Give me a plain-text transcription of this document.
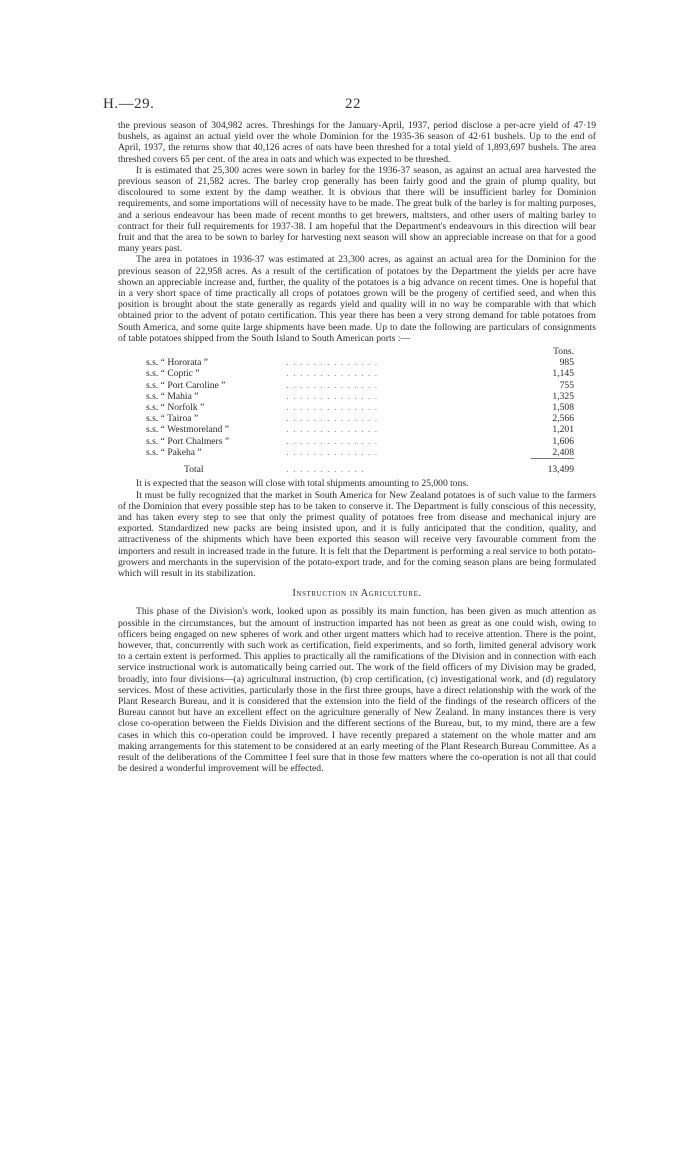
H.—29.	22

the previous season of 304,982 acres. Threshings for the January-April, 1937, period disclose a per-acre yield of 47·19 bushels, as against an actual yield over the whole Dominion for the 1935-36 season of 42·61 bushels. Up to the end of April, 1937, the returns show that 40,126 acres of oats have been threshed for a total yield of 1,893,697 bushels. The area threshed covers 65 per cent. of the area in oats and which was expected to be threshed.

It is estimated that 25,300 acres were sown in barley for the 1936-37 season, as against an actual area harvested the previous season of 21,582 acres. The barley crop generally has been fairly good and the grain of plump quality, but discoloured to some extent by the damp weather. It is obvious that there will be insufficient barley for Dominion requirements, and some importations will of necessity have to be made. The great bulk of the barley is for malting purposes, and a serious endeavour has been made of recent months to get brewers, maltsters, and other users of malting barley to contract for their full requirements for 1937-38. I am hopeful that the Department's endeavours in this direction will bear fruit and that the area to be sown to barley for harvesting next season will show an appreciable increase on that for a good many years past.

The area in potatoes in 1936-37 was estimated at 23,300 acres, as against an actual area for the Dominion for the previous season of 22,958 acres. As a result of the certification of potatoes by the Department the yields per acre have shown an appreciable increase and, further, the quality of the potatoes is a big advance on recent times. One is hopeful that in a very short space of time practically all crops of potatoes grown will be the progeny of certified seed, and when this position is brought about the state generally as regards yield and quality will in no way be comparable with that which obtained prior to the advent of potato certification. This year there has been a very strong demand for table potatoes from South America, and some quite large shipments have been made. Up to date the following are particulars of consignments of table potatoes shipped from the South Island to South American ports :—

		Tons.
s.s. “ Hororata ”	. . . . . . . . . . . . . .	985
s.s. “ Coptic ”	. . . . . . . . . . . . . .	1,145
s.s. “ Port Caroline ”	. . . . . . . . . . . . . .	755
s.s. “ Mahia ”	. . . . . . . . . . . . . .	1,325
s.s. “ Norfolk ”	. . . . . . . . . . . . . .	1,508
s.s. “ Tairoa ”	. . . . . . . . . . . . . .	2,566
s.s. “ Westmoreland ”	. . . . . . . . . . . . . .	1,201
s.s. “ Port Chalmers ”	. . . . . . . . . . . . . .	1,606
s.s. “ Pakeha ”	. . . . . . . . . . . . . .	2,408
Total	. . . . . . . . . . . .	13,499

It is expected that the season will close with total shipments amounting to 25,000 tons.

It must be fully recognized that the market in South America for New Zealand potatoes is of such value to the farmers of the Dominion that every possible step has to be taken to conserve it. The Department is fully conscious of this necessity, and has taken every step to see that only the primest quality of potatoes free from disease and mechanical injury are exported. Standardized new packs are being insisted upon, and it is fully anticipated that the condition, quality, and attractiveness of the shipments which have been exported this season will receive very favourable comment from the importers and result in increased trade in the future. It is felt that the Department is performing a real service to both potato-growers and merchants in the supervision of the potato-export trade, and for the coming season plans are being formulated which will result in its stabilization.

Instruction in Agriculture.

This phase of the Division's work, looked upon as possibly its main function, has been given as much attention as possible in the circumstances, but the amount of instruction imparted has not been as great as one could wish, owing to officers being engaged on new spheres of work and other urgent matters which had to receive attention. There is the point, however, that, concurrently with such work as certification, field experiments, and so forth, limited general advisory work to a certain extent is performed. This applies to practically all the ramifications of the Division and in connection with each service instructional work is automatically being carried out. The work of the field officers of my Division may be graded, broadly, into four divisions—(a) agricultural instruction, (b) crop certification, (c) investigational work, and (d) regulatory services. Most of these activities, particularly those in the first three groups, have a direct relationship with the work of the Plant Research Bureau, and it is considered that the extension into the field of the findings of the research officers of the Bureau cannot but have an excellent effect on the agriculture generally of New Zealand. In many instances there is very close co-operation between the Fields Division and the different sections of the Bureau, but, to my mind, there are a few cases in which this co-operation could be improved. I have recently prepared a statement on the whole matter and am making arrangements for this statement to be considered at an early meeting of the Plant Research Bureau Committee. As a result of the deliberations of the Committee I feel sure that in those few matters where the co-operation is not all that could be desired a wonderful improvement will be effected.
